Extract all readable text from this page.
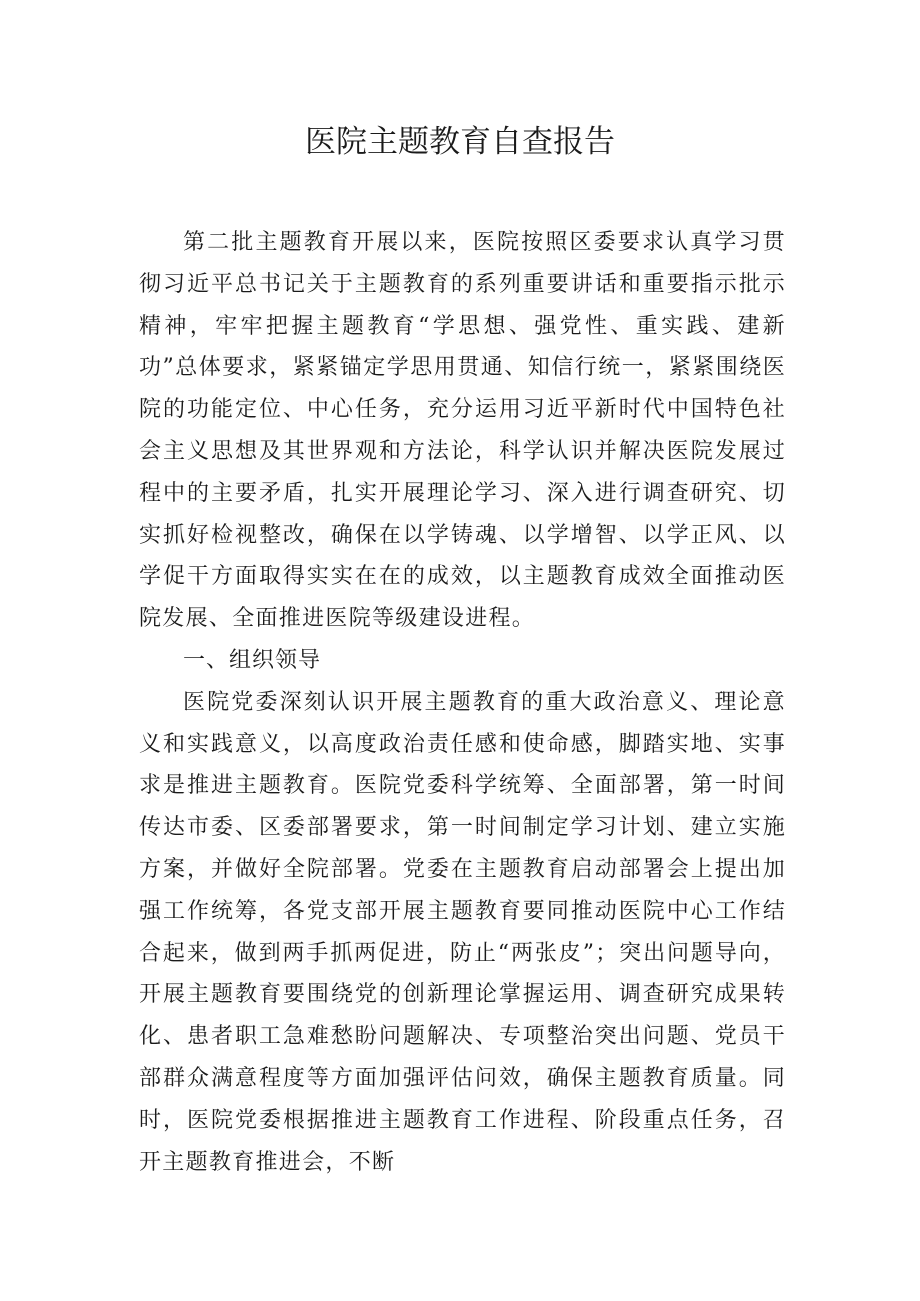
医院主题教育自查报告

第二批主题教育开展以来，医院按照区委要求认真学习贯彻习近平总书记关于主题教育的系列重要讲话和重要指示批示精神，牢牢把握主题教育“学思想、强党性、重实践、建新功”总体要求，紧紧锚定学思用贯通、知信行统一，紧紧围绕医院的功能定位、中心任务，充分运用习近平新时代中国特色社会主义思想及其世界观和方法论，科学认识并解决医院发展过程中的主要矛盾，扎实开展理论学习、深入进行调查研究、切实抓好检视整改，确保在以学铸魂、以学增智、以学正风、以学促干方面取得实实在在的成效，以主题教育成效全面推动医院发展、全面推进医院等级建设进程。

一、组织领导

医院党委深刻认识开展主题教育的重大政治意义、理论意义和实践意义，以高度政治责任感和使命感，脚踏实地、实事求是推进主题教育。医院党委科学统筹、全面部署，第一时间传达市委、区委部署要求，第一时间制定学习计划、建立实施方案，并做好全院部署。党委在主题教育启动部署会上提出加强工作统筹，各党支部开展主题教育要同推动医院中心工作结合起来，做到两手抓两促进，防止“两张皮”；突出问题导向，开展主题教育要围绕党的创新理论掌握运用、调查研究成果转化、患者职工急难愁盼问题解决、专项整治突出问题、党员干部群众满意程度等方面加强评估问效，确保主题教育质量。同时，医院党委根据推进主题教育工作进程、阶段重点任务，召开主题教育推进会，不断
